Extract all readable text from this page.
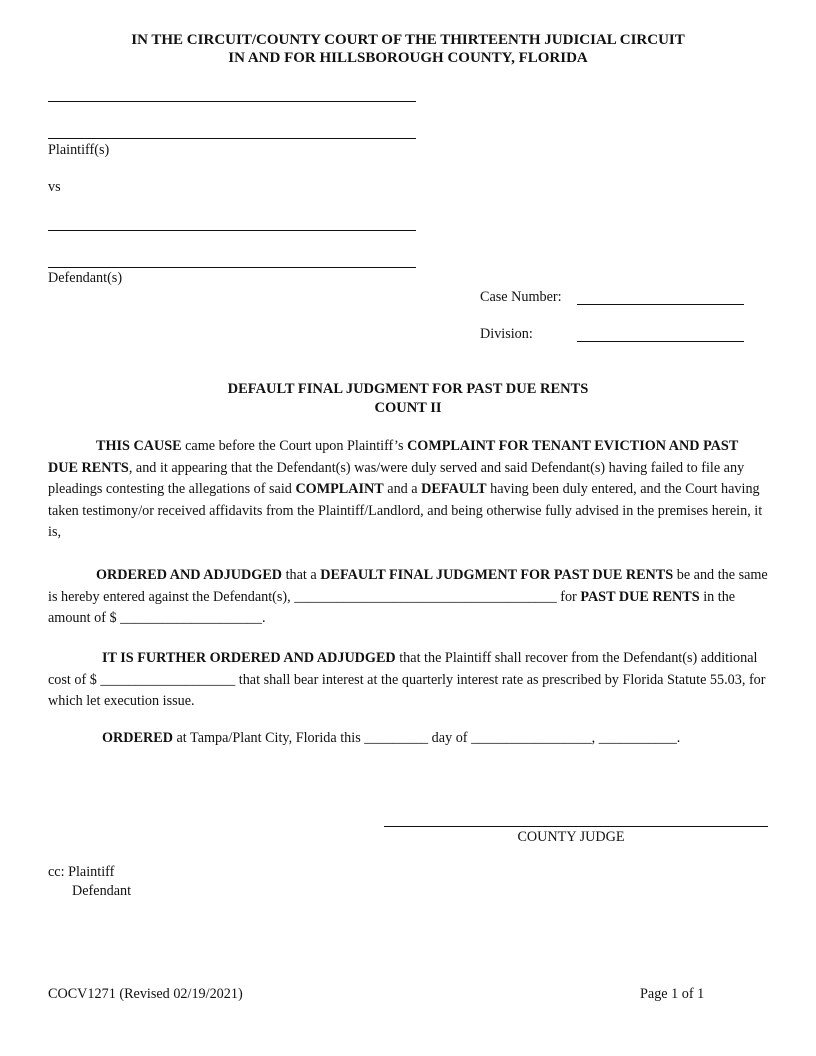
IN THE CIRCUIT/COUNTY COURT OF THE THIRTEENTH JUDICIAL CIRCUIT
IN AND FOR HILLSBOROUGH COUNTY, FLORIDA
Plaintiff(s)
vs
Defendant(s)
Case Number:
Division:
DEFAULT FINAL JUDGMENT FOR PAST DUE RENTS
COUNT II
THIS CAUSE came before the Court upon Plaintiff’s COMPLAINT FOR TENANT EVICTION AND PAST DUE RENTS, and it appearing that the Defendant(s) was/were duly served and said Defendant(s) having failed to file any pleadings contesting the allegations of said COMPLAINT and a DEFAULT having been duly entered, and the Court having taken testimony/or received affidavits from the Plaintiff/Landlord, and being otherwise fully advised in the premises herein, it is,
ORDERED AND ADJUDGED that a DEFAULT FINAL JUDGMENT FOR PAST DUE RENTS be and the same is hereby entered against the Defendant(s), _____________________________________ for PAST DUE RENTS in the amount of $ ____________________.
IT IS FURTHER ORDERED AND ADJUDGED that the Plaintiff shall recover from the Defendant(s) additional cost of $ ___________________ that shall bear interest at the quarterly interest rate as prescribed by Florida Statute 55.03, for which let execution issue.
ORDERED at Tampa/Plant City, Florida this _________ day of _________________, ___________.
COUNTY JUDGE
cc: Plaintiff
Defendant
COCV1271 (Revised 02/19/2021)	Page 1 of 1
